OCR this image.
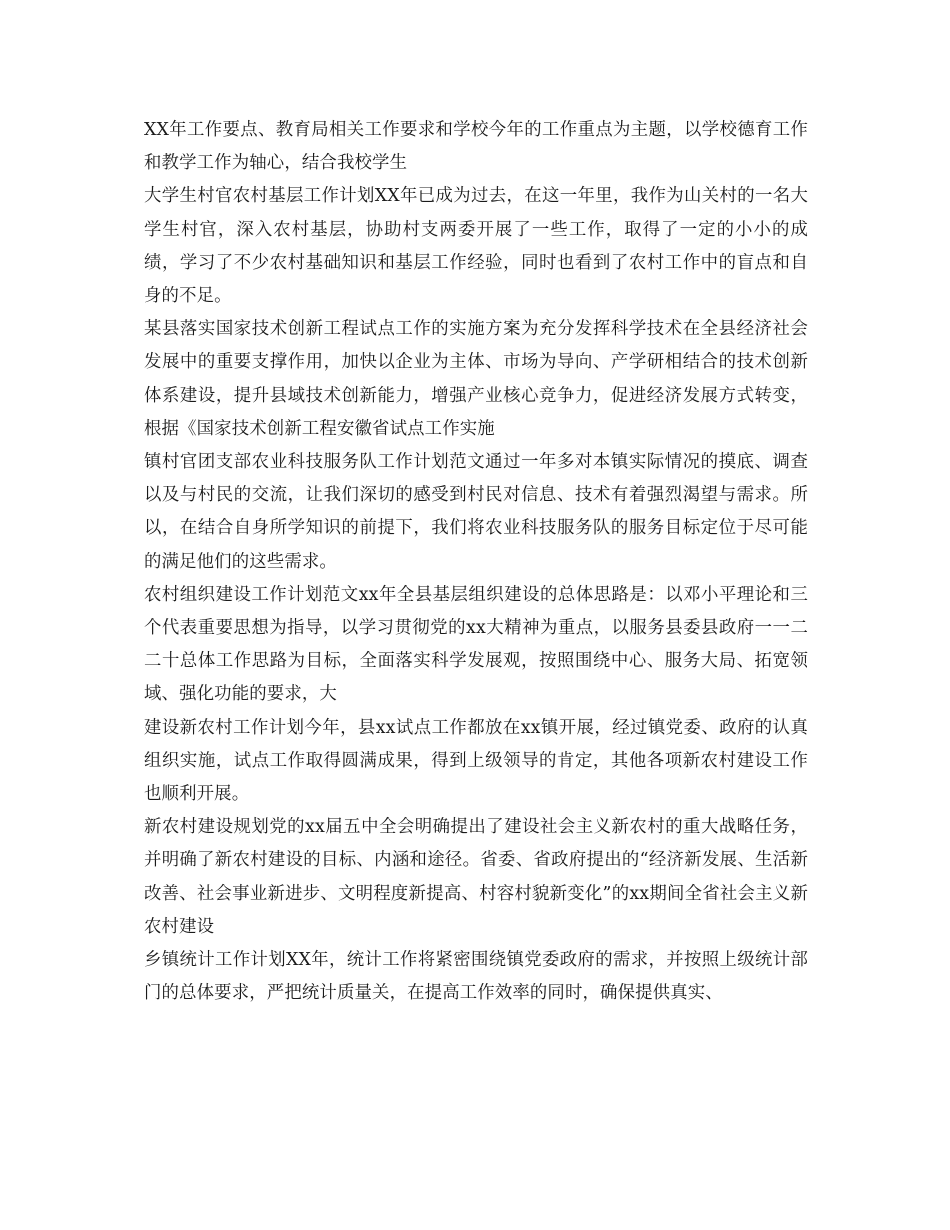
XX年工作要点、教育局相关工作要求和学校今年的工作重点为主题，以学校德育工作和教学工作为轴心，结合我校学生

大学生村官农村基层工作计划XX年已成为过去，在这一年里，我作为山关村的一名大学生村官，深入农村基层，协助村支两委开展了一些工作，取得了一定的小小的成绩，学习了不少农村基础知识和基层工作经验，同时也看到了农村工作中的盲点和自身的不足。

某县落实国家技术创新工程试点工作的实施方案为充分发挥科学技术在全县经济社会发展中的重要支撑作用，加快以企业为主体、市场为导向、产学研相结合的技术创新体系建设，提升县域技术创新能力，增强产业核心竞争力，促进经济发展方式转变，根据《国家技术创新工程安徽省试点工作实施

镇村官团支部农业科技服务队工作计划范文通过一年多对本镇实际情况的摸底、调查以及与村民的交流，让我们深切的感受到村民对信息、技术有着强烈渴望与需求。所以，在结合自身所学知识的前提下，我们将农业科技服务队的服务目标定位于尽可能的满足他们的这些需求。

农村组织建设工作计划范文xx年全县基层组织建设的总体思路是：以邓小平理论和三个代表重要思想为指导，以学习贯彻党的xx大精神为重点，以服务县委县政府一一二二十总体工作思路为目标，全面落实科学发展观，按照围绕中心、服务大局、拓宽领域、强化功能的要求，大

建设新农村工作计划今年，县xx试点工作都放在xx镇开展，经过镇党委、政府的认真组织实施，试点工作取得圆满成果，得到上级领导的肯定，其他各项新农村建设工作也顺利开展。

新农村建设规划党的xx届五中全会明确提出了建设社会主义新农村的重大战略任务，并明确了新农村建设的目标、内涵和途径。省委、省政府提出的“经济新发展、生活新改善、社会事业新进步、文明程度新提高、村容村貌新变化”的xx期间全省社会主义新农村建设

乡镇统计工作计划XX年，统计工作将紧密围绕镇党委政府的需求，并按照上级统计部门的总体要求，严把统计质量关，在提高工作效率的同时，确保提供真实、
